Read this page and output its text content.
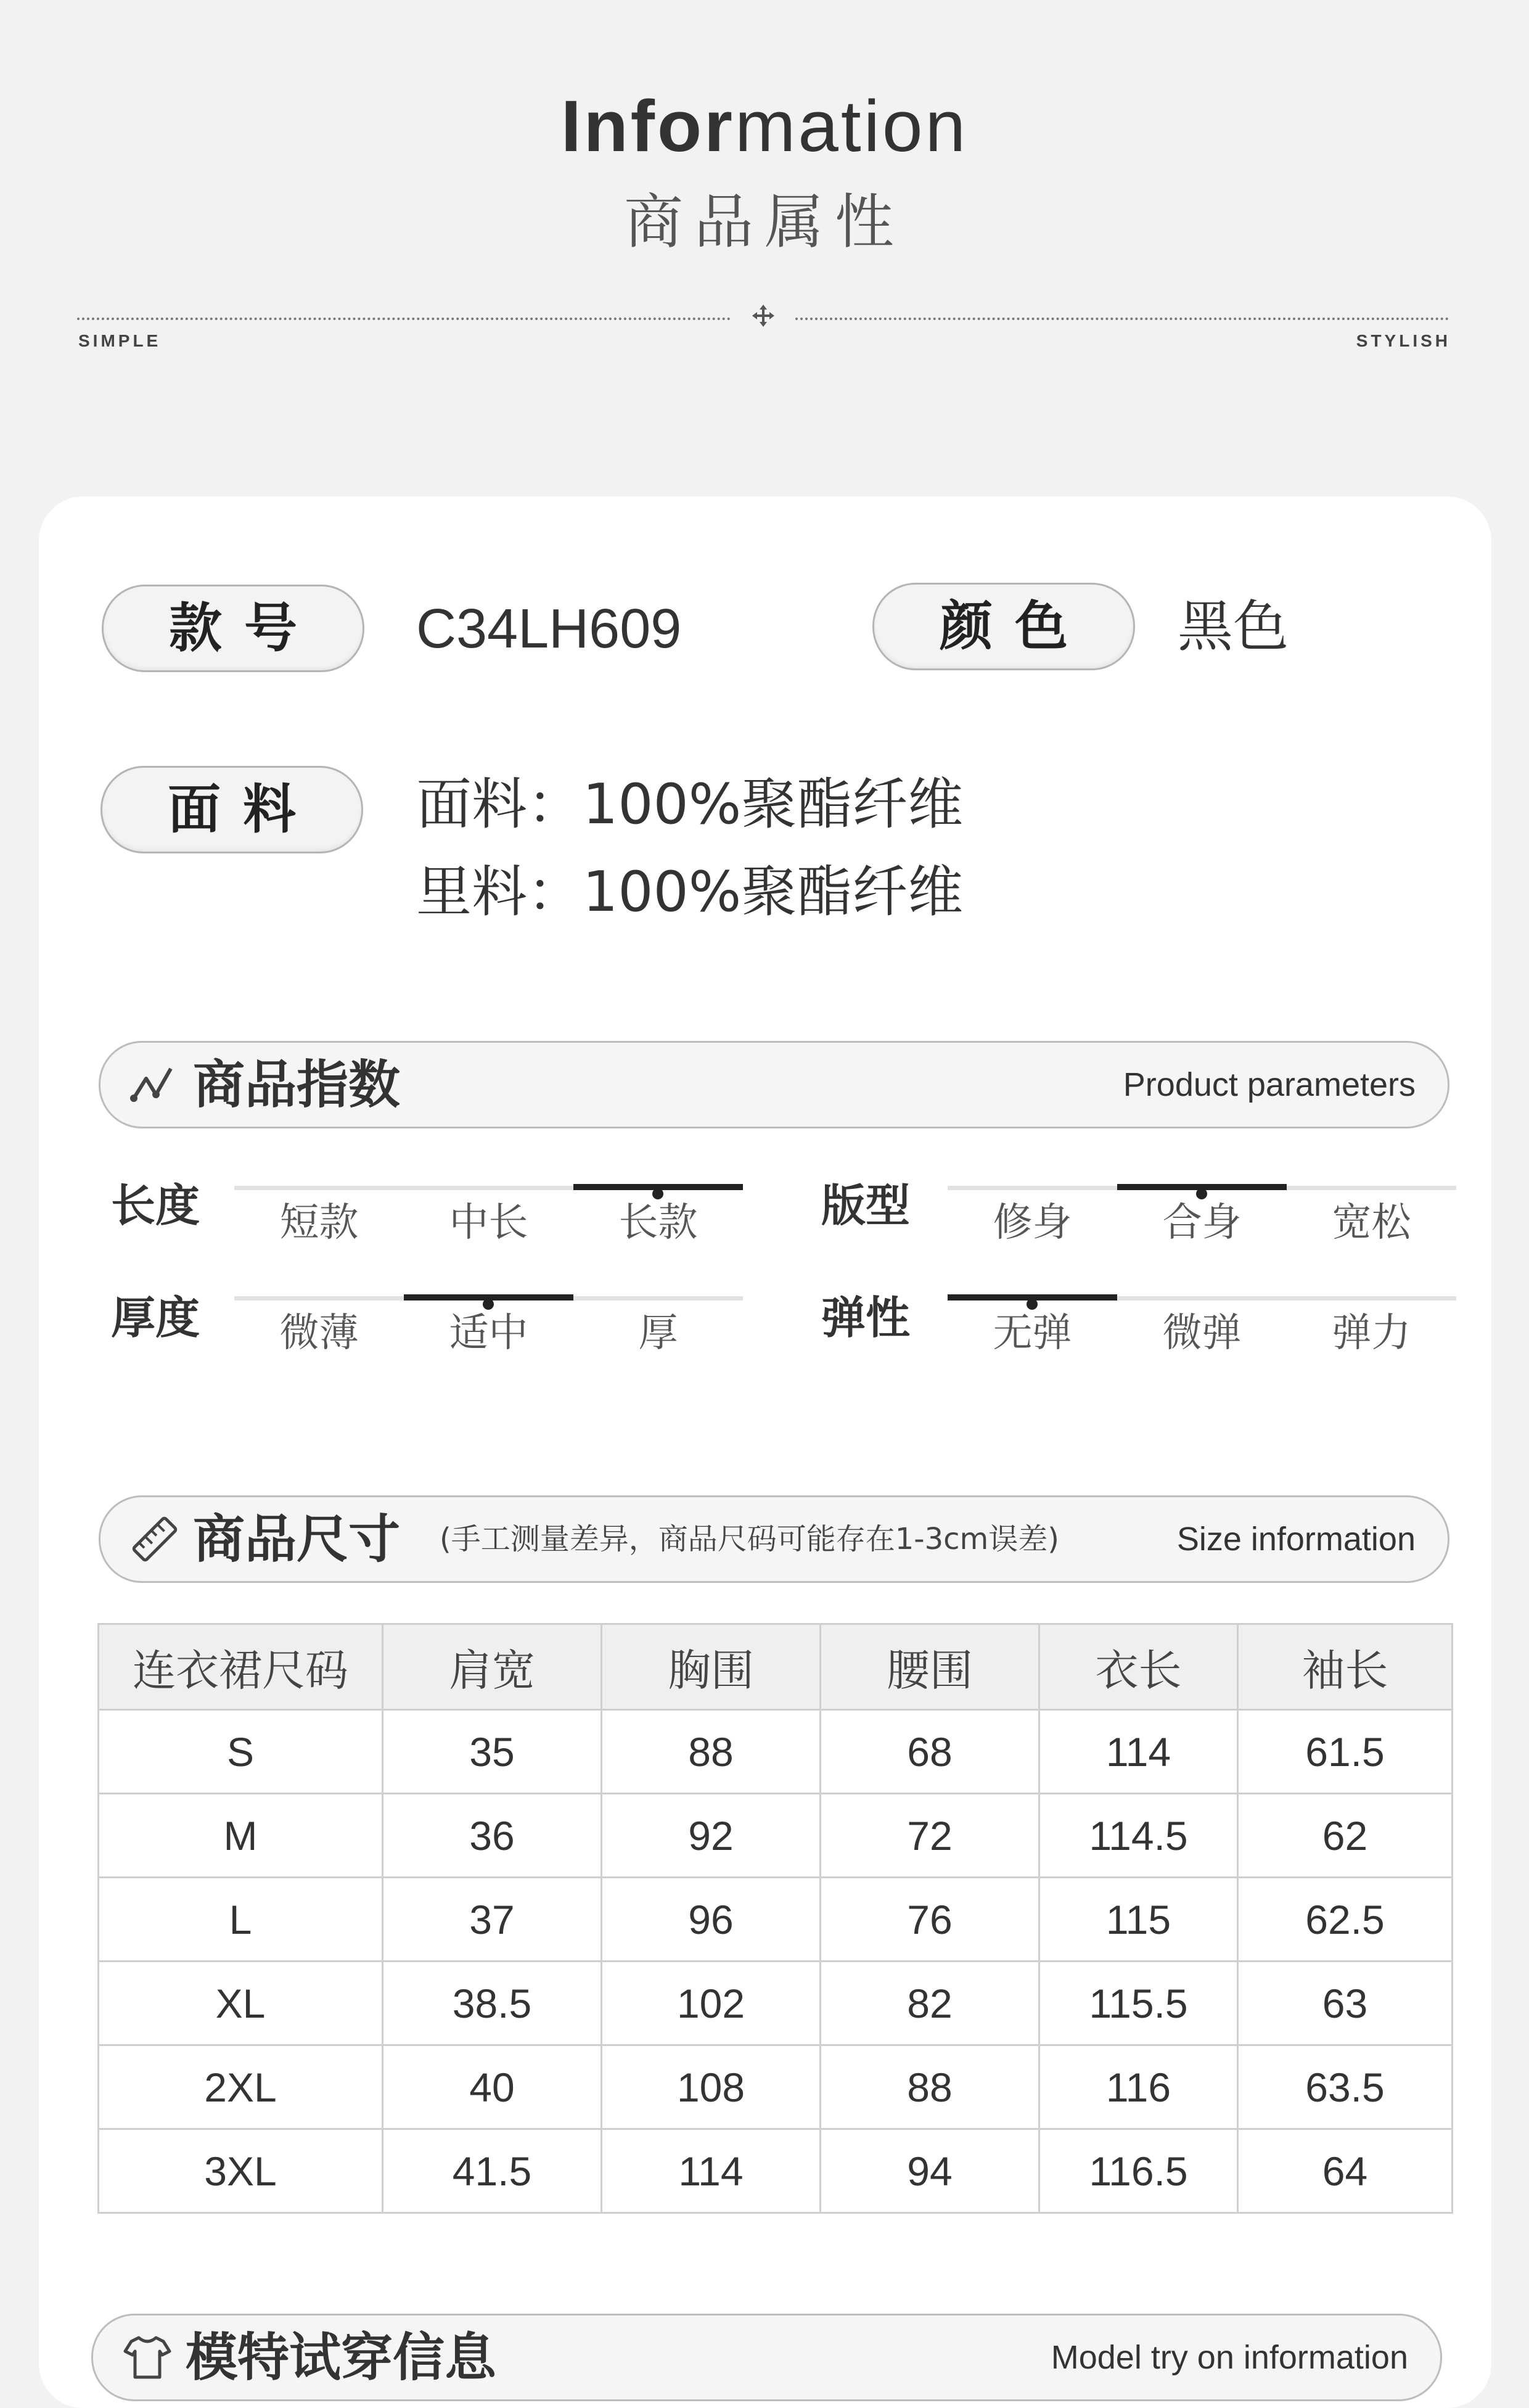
Information
商品属性
SIMPLE	STYLISH
款号	C34LH609	颜色	黑色
面料	面料：100%聚酯纤维
里料：100%聚酯纤维
商品指数	Product parameters
长度	短款	中长	长款	版型	修身	合身	宽松
厚度	微薄	适中	厚	弹性	无弹	微弹	弹力
商品尺寸 (手工测量差异，商品尺码可能存在1-3cm误差)	Size information
连衣裙尺码	肩宽	胸围	腰围	衣长	袖长
S	35	88	68	114	61.5
M	36	92	72	114.5	62
L	37	96	76	115	62.5
XL	38.5	102	82	115.5	63
2XL	40	108	88	116	63.5
3XL	41.5	114	94	116.5	64
模特试穿信息	Model try on information
